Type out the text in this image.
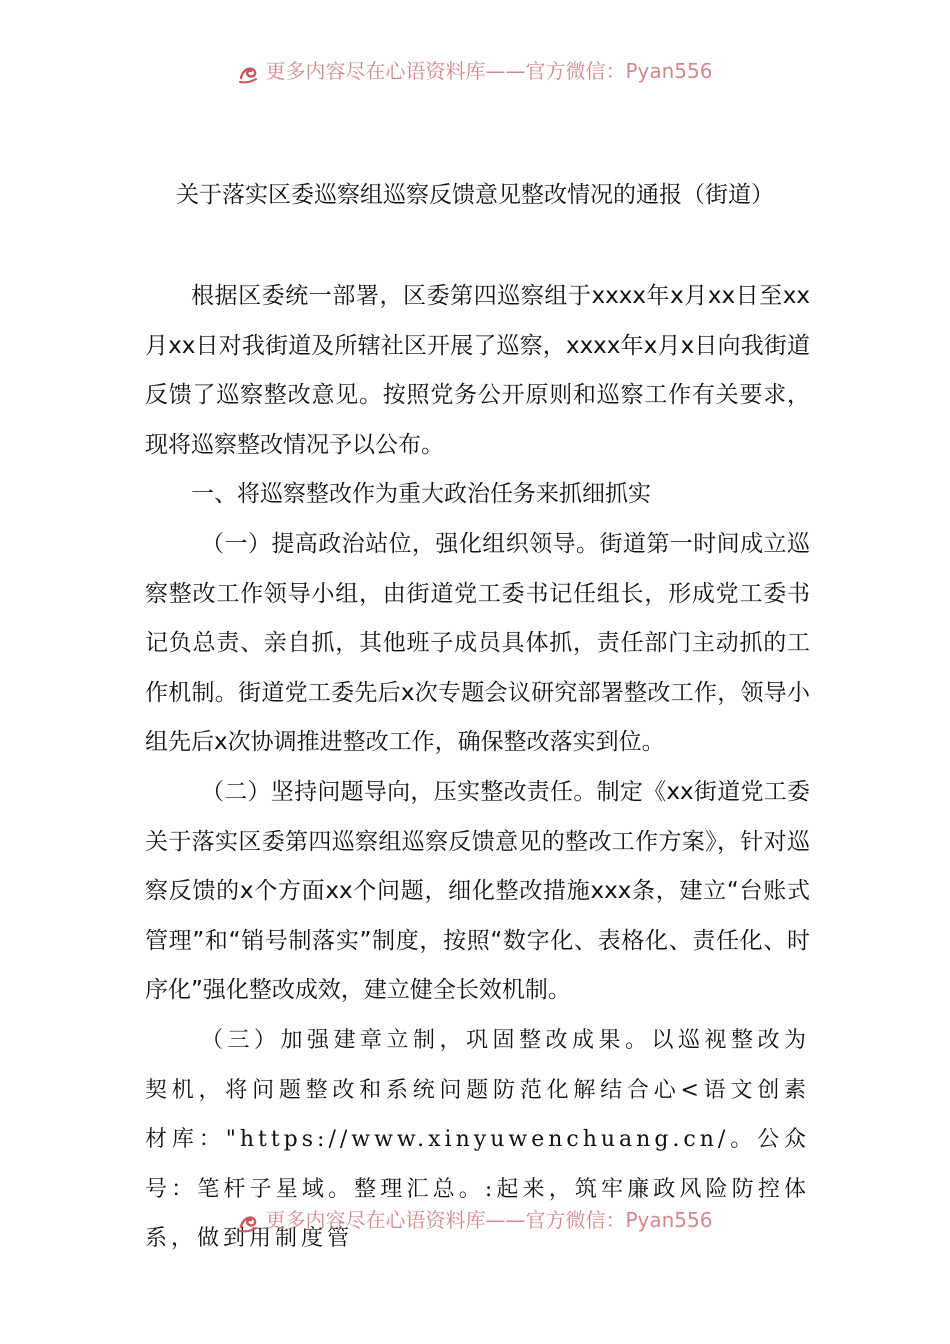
更多内容尽在心语资料库——官方微信：Pyan556
关于落实区委巡察组巡察反馈意见整改情况的通报（街道）

根据区委统一部署，区委第四巡察组于xxxx年x月xx日至xx月xx日对我街道及所辖社区开展了巡察，xxxx年x月x日向我街道反馈了巡察整改意见。按照党务公开原则和巡察工作有关要求，现将巡察整改情况予以公布。

一、将巡察整改作为重大政治任务来抓细抓实

（一）提高政治站位，强化组织领导。街道第一时间成立巡察整改工作领导小组，由街道党工委书记任组长，形成党工委书记负总责、亲自抓，其他班子成员具体抓，责任部门主动抓的工作机制。街道党工委先后x次专题会议研究部署整改工作，领导小组先后x次协调推进整改工作，确保整改落实到位。

（二）坚持问题导向，压实整改责任。制定《xx街道党工委关于落实区委第四巡察组巡察反馈意见的整改工作方案》，针对巡察反馈的x个方面xx个问题，细化整改措施xxx条，建立“台账式管理”和“销号制落实”制度，按照“数字化、表格化、责任化、时序化”强化整改成效，建立健全长效机制。

（三）加强建章立制，巩固整改成果。以巡视整改为契机，将问题整改和系统问题防范化解结合心<语文创素材库："https://www.xinyuwenchuang.cn/。公众号：笔杆子星域。整理汇总。:起来，筑牢廉政风险防控体系，做到用制度管

更多内容尽在心语资料库——官方微信：Pyan556
